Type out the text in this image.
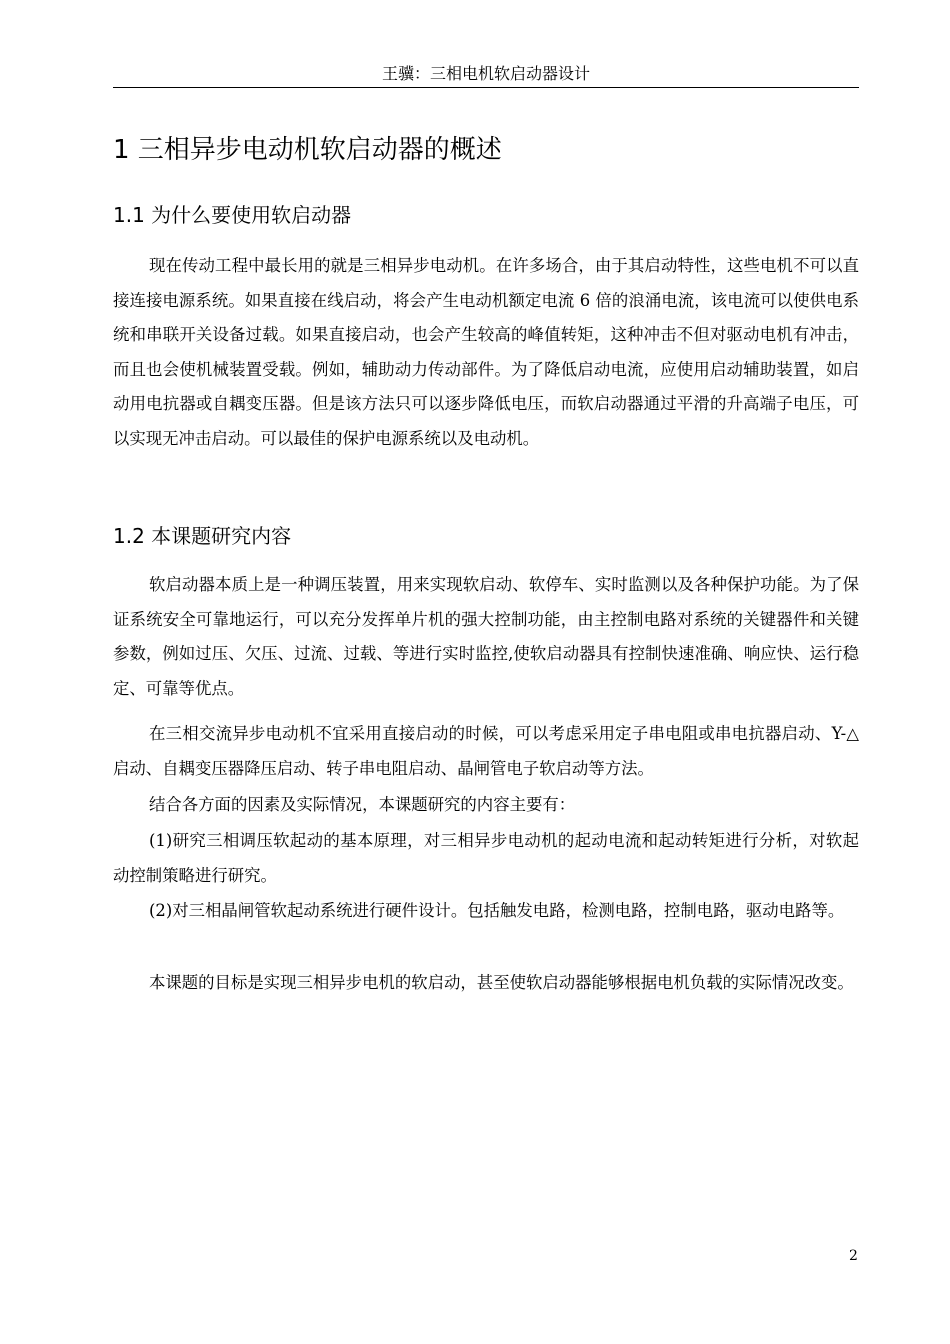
王骥：三相电机软启动器设计
1 三相异步电动机软启动器的概述
1.1 为什么要使用软启动器

现在传动工程中最长用的就是三相异步电动机。在许多场合，由于其启动特性，这些电机不可以直接连接电源系统。如果直接在线启动，将会产生电动机额定电流 6 倍的浪涌电流，该电流可以使供电系统和串联开关设备过载。如果直接启动，也会产生较高的峰值转矩，这种冲击不但对驱动电机有冲击，而且也会使机械装置受载。例如，辅助动力传动部件。为了降低启动电流，应使用启动辅助装置，如启动用电抗器或自耦变压器。但是该方法只可以逐步降低电压，而软启动器通过平滑的升高端子电压，可以实现无冲击启动。可以最佳的保护电源系统以及电动机。

1.2 本课题研究内容

软启动器本质上是一种调压装置，用来实现软启动、软停车、实时监测以及各种保护功能。为了保证系统安全可靠地运行，可以充分发挥单片机的强大控制功能，由主控制电路对系统的关键器件和关键参数，例如过压、欠压、过流、过载、等进行实时监控,使软启动器具有控制快速准确、响应快、运行稳定、可靠等优点。

在三相交流异步电动机不宜采用直接启动的时候，可以考虑采用定子串电阻或串电抗器启动、Y-△启动、自耦变压器降压启动、转子串电阻启动、晶闸管电子软启动等方法。

结合各方面的因素及实际情况，本课题研究的内容主要有：

(1)研究三相调压软起动的基本原理，对三相异步电动机的起动电流和起动转矩进行分析，对软起动控制策略进行研究。

(2)对三相晶闸管软起动系统进行硬件设计。包括触发电路，检测电路，控制电路，驱动电路等。

本课题的目标是实现三相异步电机的软启动，甚至使软启动器能够根据电机负载的实际情况改变。

2
